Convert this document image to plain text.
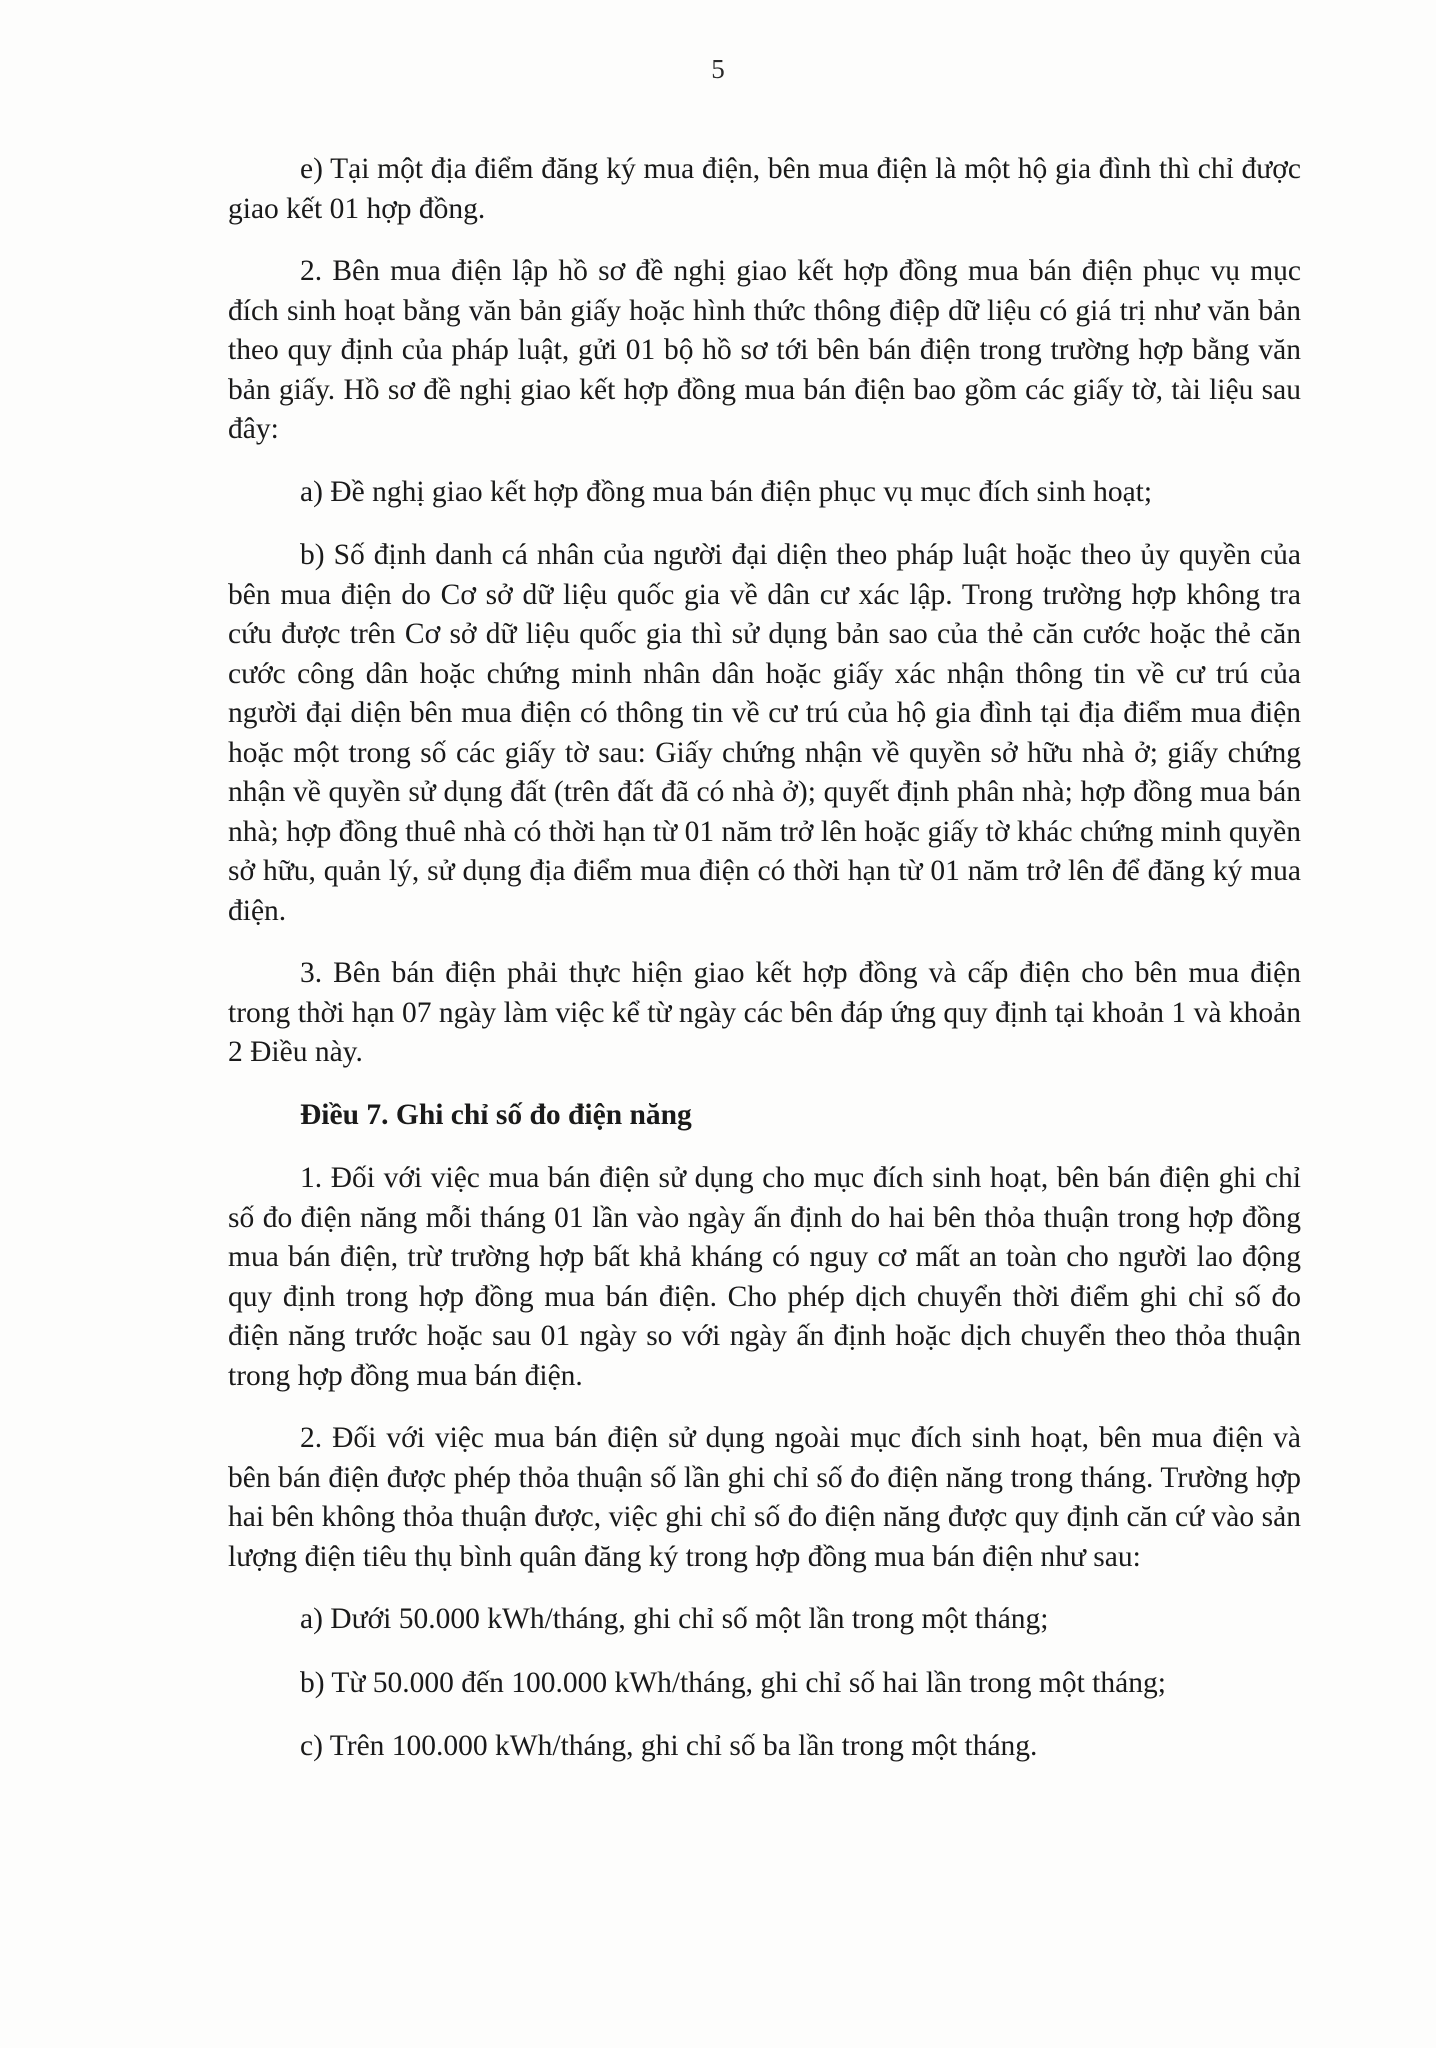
5

e) Tại một địa điểm đăng ký mua điện, bên mua điện là một hộ gia đình thì chỉ được giao kết 01 hợp đồng.

2. Bên mua điện lập hồ sơ đề nghị giao kết hợp đồng mua bán điện phục vụ mục đích sinh hoạt bằng văn bản giấy hoặc hình thức thông điệp dữ liệu có giá trị như văn bản theo quy định của pháp luật, gửi 01 bộ hồ sơ tới bên bán điện trong trường hợp bằng văn bản giấy. Hồ sơ đề nghị giao kết hợp đồng mua bán điện bao gồm các giấy tờ, tài liệu sau đây:

a) Đề nghị giao kết hợp đồng mua bán điện phục vụ mục đích sinh hoạt;

b) Số định danh cá nhân của người đại diện theo pháp luật hoặc theo ủy quyền của bên mua điện do Cơ sở dữ liệu quốc gia về dân cư xác lập. Trong trường hợp không tra cứu được trên Cơ sở dữ liệu quốc gia thì sử dụng bản sao của thẻ căn cước hoặc thẻ căn cước công dân hoặc chứng minh nhân dân hoặc giấy xác nhận thông tin về cư trú của người đại diện bên mua điện có thông tin về cư trú của hộ gia đình tại địa điểm mua điện hoặc một trong số các giấy tờ sau: Giấy chứng nhận về quyền sở hữu nhà ở; giấy chứng nhận về quyền sử dụng đất (trên đất đã có nhà ở); quyết định phân nhà; hợp đồng mua bán nhà; hợp đồng thuê nhà có thời hạn từ 01 năm trở lên hoặc giấy tờ khác chứng minh quyền sở hữu, quản lý, sử dụng địa điểm mua điện có thời hạn từ 01 năm trở lên để đăng ký mua điện.

3. Bên bán điện phải thực hiện giao kết hợp đồng và cấp điện cho bên mua điện trong thời hạn 07 ngày làm việc kể từ ngày các bên đáp ứng quy định tại khoản 1 và khoản 2 Điều này.

Điều 7. Ghi chỉ số đo điện năng

1. Đối với việc mua bán điện sử dụng cho mục đích sinh hoạt, bên bán điện ghi chỉ số đo điện năng mỗi tháng 01 lần vào ngày ấn định do hai bên thỏa thuận trong hợp đồng mua bán điện, trừ trường hợp bất khả kháng có nguy cơ mất an toàn cho người lao động quy định trong hợp đồng mua bán điện. Cho phép dịch chuyển thời điểm ghi chỉ số đo điện năng trước hoặc sau 01 ngày so với ngày ấn định hoặc dịch chuyển theo thỏa thuận trong hợp đồng mua bán điện.

2. Đối với việc mua bán điện sử dụng ngoài mục đích sinh hoạt, bên mua điện và bên bán điện được phép thỏa thuận số lần ghi chỉ số đo điện năng trong tháng. Trường hợp hai bên không thỏa thuận được, việc ghi chỉ số đo điện năng được quy định căn cứ vào sản lượng điện tiêu thụ bình quân đăng ký trong hợp đồng mua bán điện như sau:

a) Dưới 50.000 kWh/tháng, ghi chỉ số một lần trong một tháng;

b) Từ 50.000 đến 100.000 kWh/tháng, ghi chỉ số hai lần trong một tháng;

c) Trên 100.000 kWh/tháng, ghi chỉ số ba lần trong một tháng.
